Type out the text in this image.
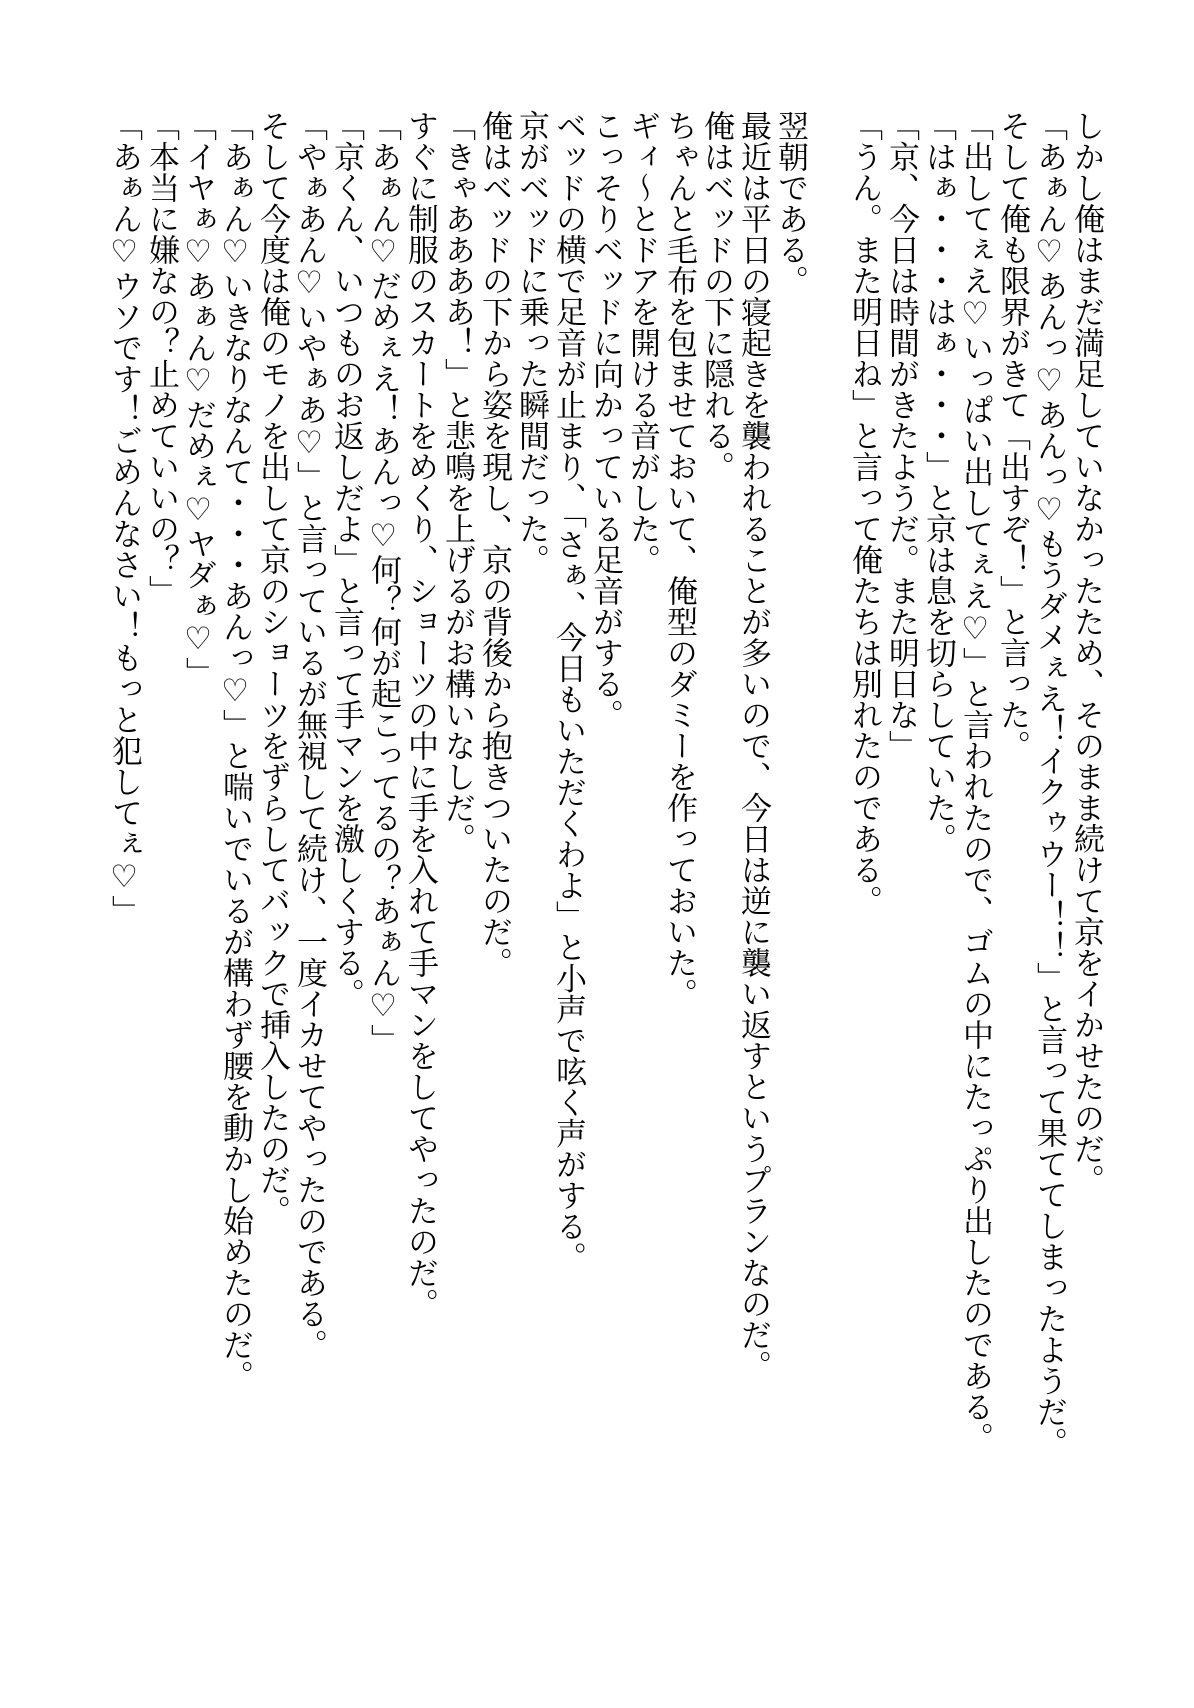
しかし俺はまだ満足していなかったため、そのまま続けて京をイかせたのだ。
「あぁん♡あんっ♡あんっ♡もうダメぇえ！イクゥウー！！」と言って果ててしまったようだ。
そして俺も限界がきて「出すぞ！」と言った。
「出してぇえ♡いっぱい出してぇえ♡」と言われたので、ゴムの中にたっぷり出したのである。
「はぁ・・・はぁ・・・」と京は息を切らしていた。
「京、今日は時間がきたようだ。また明日な」
「うん。また明日ね」と言って俺たちは別れたのである。
翌朝である。
最近は平日の寝起きを襲われることが多いので、今日は逆に襲い返すというプランなのだ。
俺はベッドの下に隠れる。
ちゃんと毛布を包ませておいて、俺型のダミーを作っておいた。
ギィ～とドアを開ける音がした。
こっそりベッドに向かっている足音がする。
ベッドの横で足音が止まり、「さぁ、今日もいただくわよ」と小声で呟く声がする。
京がベッドに乗った瞬間だった。
俺はベッドの下から姿を現し、京の背後から抱きついたのだ。
「きゃああああ！」と悲鳴を上げるがお構いなしだ。
すぐに制服のスカートをめくり、ショーツの中に手を入れて手マンをしてやったのだ。
「あぁん♡だめぇえ！あんっ♡何？何が起こってるの？あぁん♡」
「京くん、いつものお返しだよ」と言って手マンを激しくする。
「やぁあん♡いやぁあ♡」と言っているが無視して続け、一度イカせてやったのである。
そして今度は俺のモノを出して京のショーツをずらしてバックで挿入したのだ。
「あぁん♡いきなりなんて・・・あんっ♡」と喘いでいるが構わず腰を動かし始めたのだ。
「イヤぁ♡あぁん♡だめぇ♡ヤダぁ♡」
「本当に嫌なの？止めていいの？」
「あぁん♡ウソです！ごめんなさい！もっと犯してぇ♡」
